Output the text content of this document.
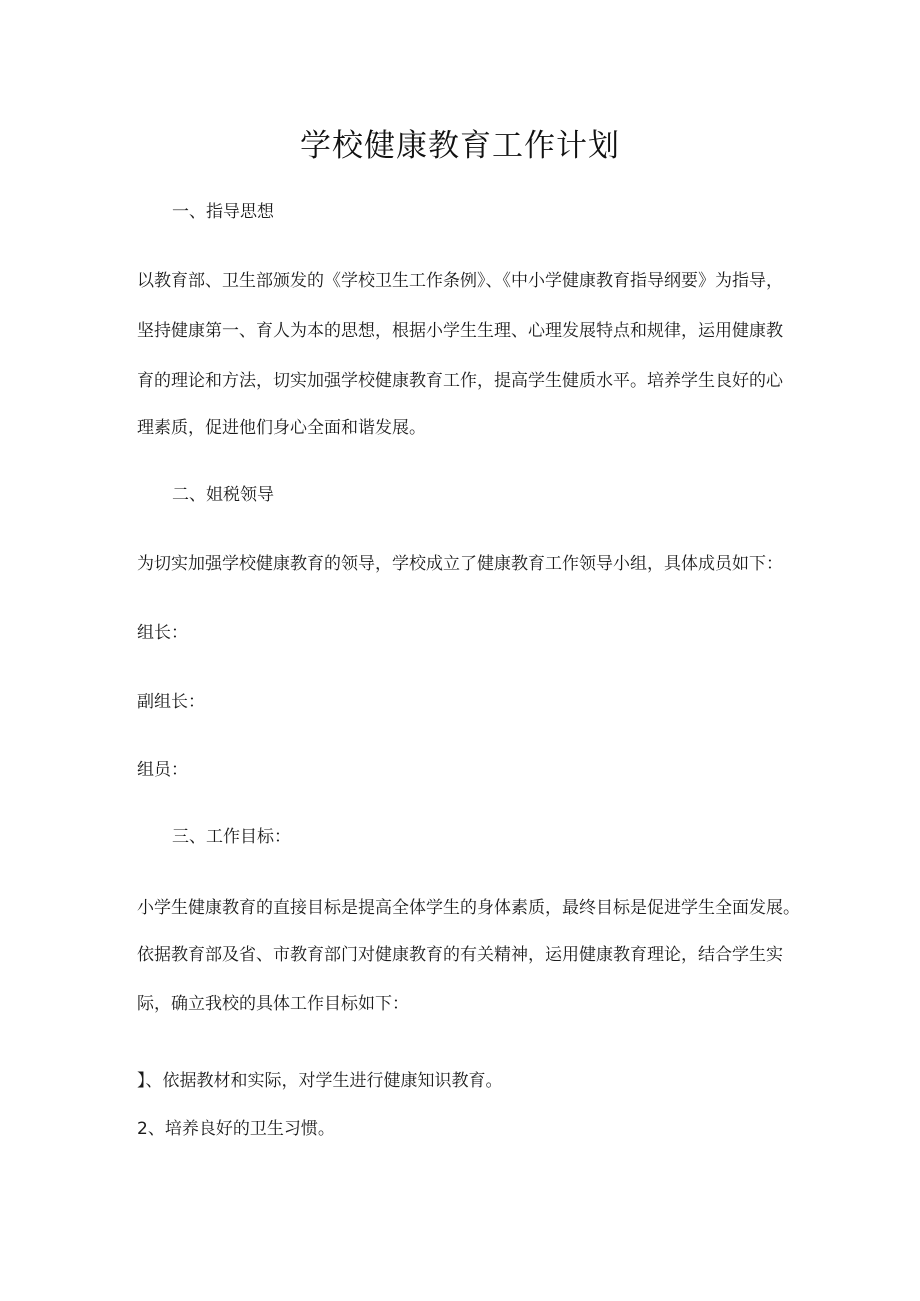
学校健康教育工作计划
一、指导思想
以教育部、卫生部颁发的《学校卫生工作条例》、《中小学健康教育指导纲要》为指导，
坚持健康第一、育人为本的思想，根据小学生生理、心理发展特点和规律，运用健康教
育的理论和方法，切实加强学校健康教育工作，提高学生健质水平。培养学生良好的心
理素质，促进他们身心全面和谐发展。
二、姐税领导
为切实加强学校健康教育的领导，学校成立了健康教育工作领导小组，具体成员如下：
组长：
副组长：
组员：
三、工作目标：
小学生健康教育的直接目标是提高全体学生的身体素质，最终目标是促进学生全面发展。
依据教育部及省、市教育部门对健康教育的有关精神，运用健康教育理论，结合学生实
际，确立我校的具体工作目标如下：
】、依据教材和实际，对学生进行健康知识教育。
2、培养良好的卫生习惯。
